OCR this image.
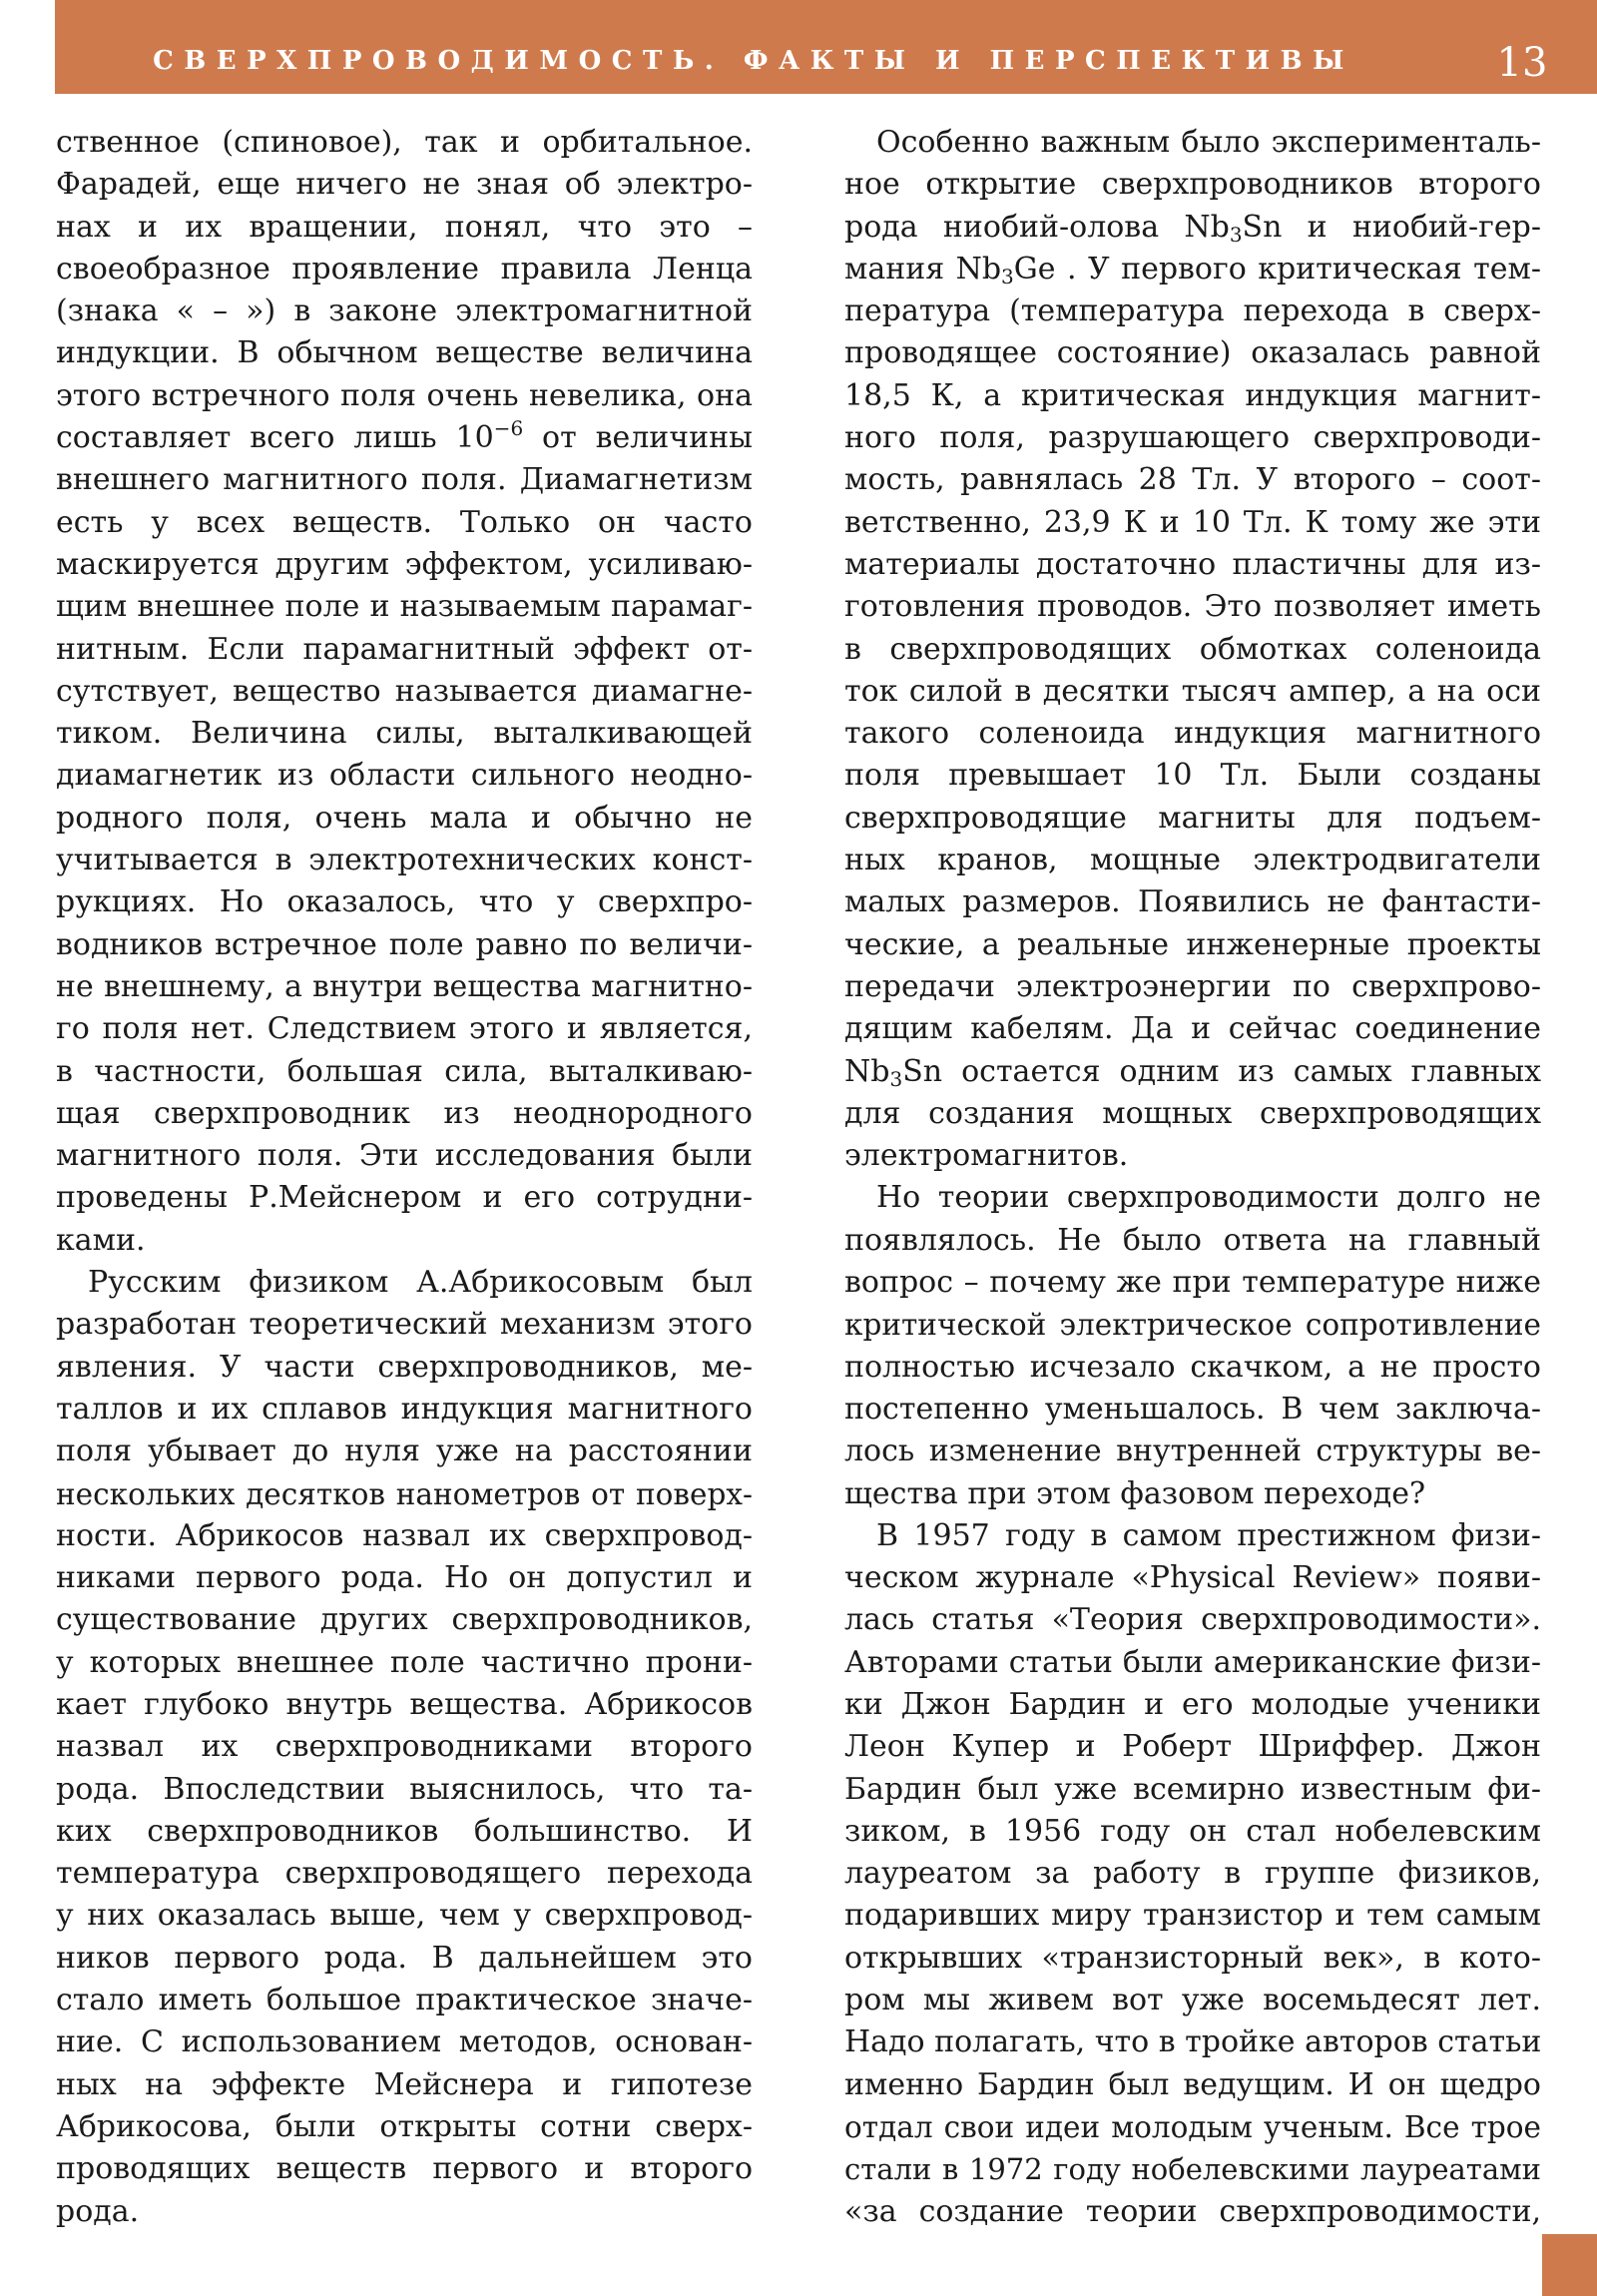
СВЕРХПРОВОДИМОСТЬ. ФАКТЫ И ПЕРСПЕКТИВЫ	13
ственное (спиновое), так и орбитальное.
Фарадей, еще ничего не зная об электро-
нах и их вращении, понял, что это –
своеобразное проявление правила Ленца
(знака « – ») в законе электромагнитной
индукции. В обычном веществе величина
этого встречного поля очень невелика, она
составляет всего лишь $10^{-6}$ от величины
внешнего магнитного поля. Диамагнетизм
есть у всех веществ. Только он часто
маскируется другим эффектом, усиливаю-
щим внешнее поле и называемым парамаг-
нитным. Если парамагнитный эффект от-
сутствует, вещество называется диамагне-
тиком. Величина силы, выталкивающей
диамагнетик из области сильного неодно-
родного поля, очень мала и обычно не
учитывается в электротехнических конст-
рукциях. Но оказалось, что у сверхпро-
водников встречное поле равно по величи-
не внешнему, а внутри вещества магнитно-
го поля нет. Следствием этого и является,
в частности, большая сила, выталкиваю-
щая сверхпроводник из неоднородного
магнитного поля. Эти исследования были
проведены Р.Мейснером и его сотрудни-
ками.
Русским физиком А.Абрикосовым был
разработан теоретический механизм этого
явления. У части сверхпроводников, ме-
таллов и их сплавов индукция магнитного
поля убывает до нуля уже на расстоянии
нескольких десятков нанометров от поверх-
ности. Абрикосов назвал их сверхпровод-
никами первого рода. Но он допустил и
существование других сверхпроводников,
у которых внешнее поле частично прони-
кает глубоко внутрь вещества. Абрикосов
назвал их сверхпроводниками второго
рода. Впоследствии выяснилось, что та-
ких сверхпроводников большинство. И
температура сверхпроводящего перехода
у них оказалась выше, чем у сверхпровод-
ников первого рода. В дальнейшем это
стало иметь большое практическое значе-
ние. С использованием методов, основан-
ных на эффекте Мейснера и гипотезе
Абрикосова, были открыты сотни сверх-
проводящих веществ первого и второго
рода.
Особенно важным было эксперименталь-
ное открытие сверхпроводников второго
рода ниобий-олова $Nb_3Sn$ и ниобий-гер-
мания $Nb_3Ge$ . У первого критическая тем-
пература (температура перехода в сверх-
проводящее состояние) оказалась равной
18,5 К, а критическая индукция магнит-
ного поля, разрушающего сверхпроводи-
мость, равнялась 28 Тл. У второго – соот-
ветственно, 23,9 К и 10 Тл. К тому же эти
материалы достаточно пластичны для из-
готовления проводов. Это позволяет иметь
в сверхпроводящих обмотках соленоида
ток силой в десятки тысяч ампер, а на оси
такого соленоида индукция магнитного
поля превышает 10 Тл. Были созданы
сверхпроводящие магниты для подъем-
ных кранов, мощные электродвигатели
малых размеров. Появились не фантасти-
ческие, а реальные инженерные проекты
передачи электроэнергии по сверхпрово-
дящим кабелям. Да и сейчас соединение
$Nb_3Sn$ остается одним из самых главных
для создания мощных сверхпроводящих
электромагнитов.
Но теории сверхпроводимости долго не
появлялось. Не было ответа на главный
вопрос – почему же при температуре ниже
критической электрическое сопротивление
полностью исчезало скачком, а не просто
постепенно уменьшалось. В чем заключа-
лось изменение внутренней структуры ве-
щества при этом фазовом переходе?
В 1957 году в самом престижном физи-
ческом журнале «Physical Review» появи-
лась статья «Теория сверхпроводимости».
Авторами статьи были американские физи-
ки Джон Бардин и его молодые ученики
Леон Купер и Роберт Шриффер. Джон
Бардин был уже всемирно известным фи-
зиком, в 1956 году он стал нобелевским
лауреатом за работу в группе физиков,
подаривших миру транзистор и тем самым
открывших «транзисторный век», в кото-
ром мы живем вот уже восемьдесят лет.
Надо полагать, что в тройке авторов статьи
именно Бардин был ведущим. И он щедро
отдал свои идеи молодым ученым. Все трое
стали в 1972 году нобелевскими лауреатами
«за создание теории сверхпроводимости,
